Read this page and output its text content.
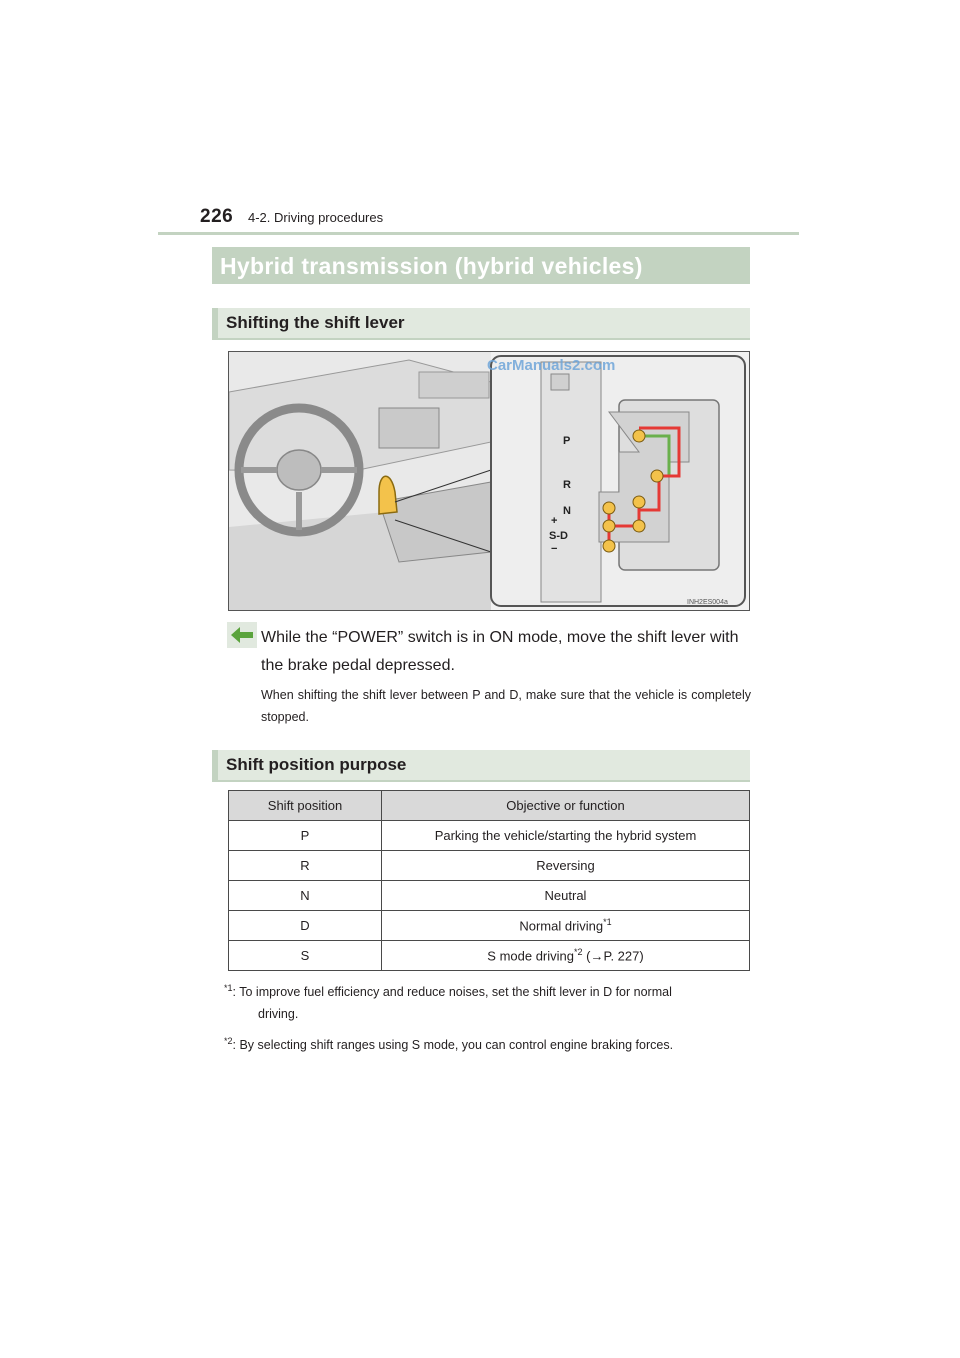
226 4-2. Driving procedures
Hybrid transmission (hybrid vehicles)
Shifting the shift lever
P
R
N
+
S-D
−
CarManuals2.com
INH2ES004a
While the “POWER” switch is in ON mode, move the shift lever with the brake pedal depressed.
When shifting the shift lever between P and D, make sure that the vehicle is completely stopped.
Shift position purpose
Shift position	Objective or function
P	Parking the vehicle/starting the hybrid system
R	Reversing
N	Neutral
D	Normal driving$^{*1}$
S	S mode driving$^{*2}$ (→P. 227)
$^{*1}$: To improve fuel efficiency and reduce noises, set the shift lever in D for normal
driving.
$^{*2}$: By selecting shift ranges using S mode, you can control engine braking forces.
